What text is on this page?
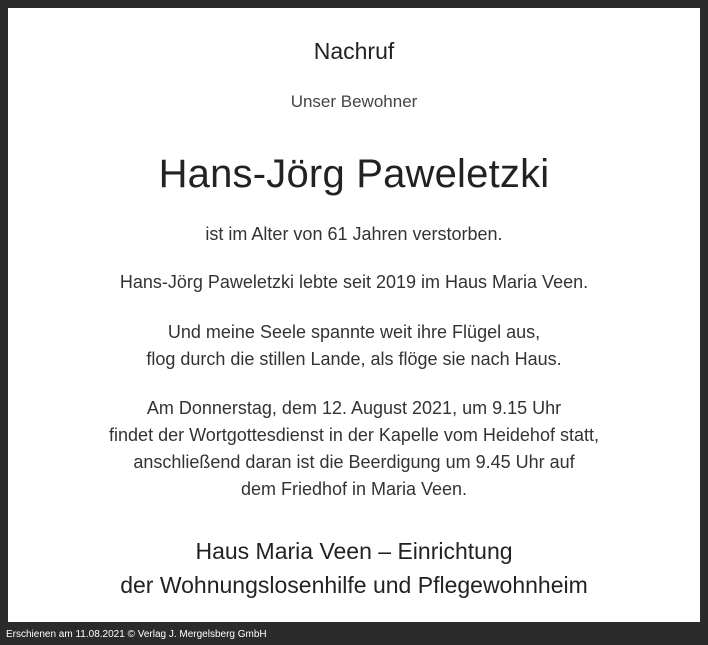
Nachruf
Unser Bewohner
Hans-Jörg Paweletzki
ist im Alter von 61 Jahren verstorben.
Hans-Jörg Paweletzki lebte seit 2019 im Haus Maria Veen.
Und meine Seele spannte weit ihre Flügel aus,
flog durch die stillen Lande, als flöge sie nach Haus.
Am Donnerstag, dem 12. August 2021, um 9.15 Uhr
findet der Wortgottesdienst in der Kapelle vom Heidehof statt,
anschließend daran ist die Beerdigung um 9.45 Uhr auf
dem Friedhof in Maria Veen.
Haus Maria Veen – Einrichtung
der Wohnungslosenhilfe und Pflegewohnheim
Erschienen am 11.08.2021 © Verlag J. Mergelsberg GmbH
